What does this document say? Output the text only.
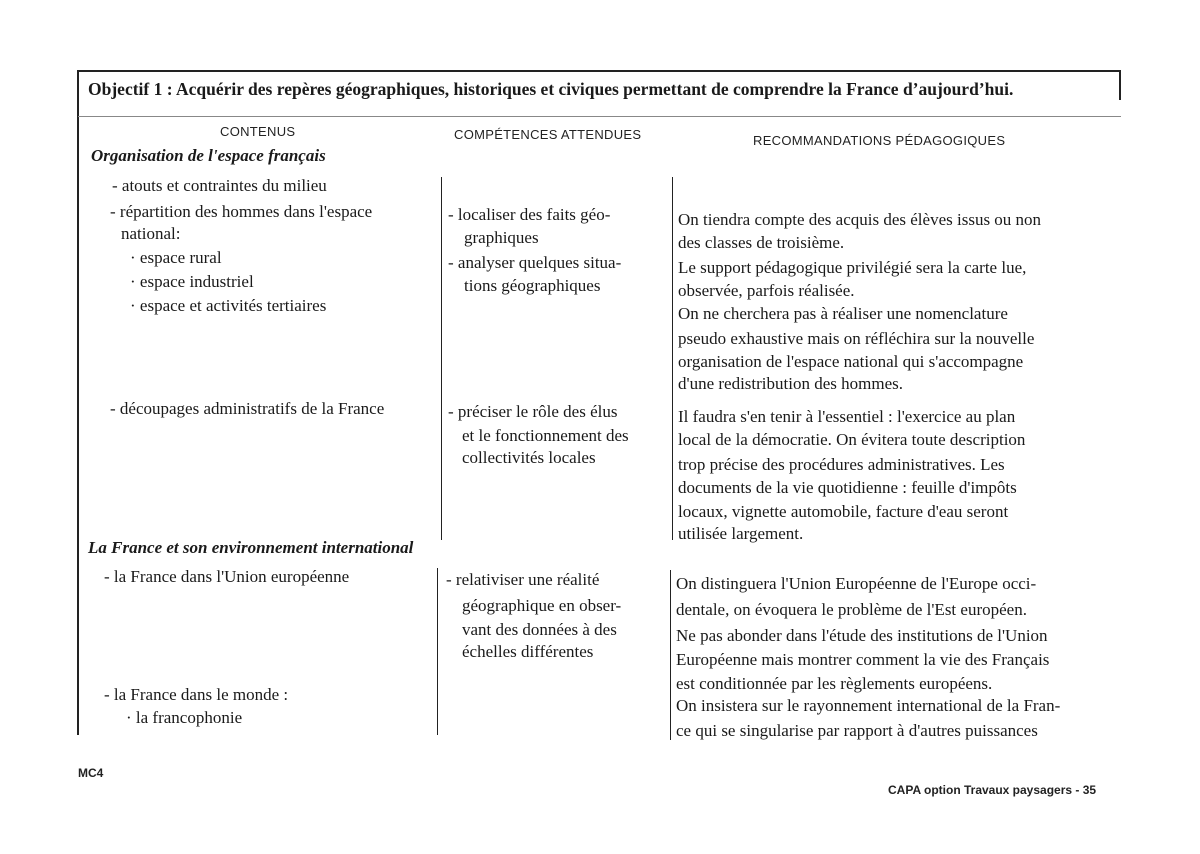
Objectif 1 : Acquérir des repères géographiques, historiques et civiques permettant de comprendre la France d’aujourd’hui.
CONTENUS	COMPÉTENCES ATTENDUES	RECOMMANDATIONS PÉDAGOGIQUES
Organisation de l'espace français
- atouts et contraintes du milieu
- répartition des hommes dans l'espace
national:
· espace rural
· espace industriel
· espace et activités tertiaires
- découpages administratifs de la France
- localiser des faits géo-
graphiques
- analyser quelques situa-
tions géographiques
- préciser le rôle des élus
et le fonctionnement des
collectivités locales
On tiendra compte des acquis des élèves issus ou non
des classes de troisième.
Le support pédagogique privilégié sera la carte lue,
observée, parfois réalisée.
On ne cherchera pas à réaliser une nomenclature
pseudo exhaustive mais on réfléchira sur la nouvelle
organisation de l'espace national qui s'accompagne
d'une redistribution des hommes.
Il faudra s'en tenir à l'essentiel : l'exercice au plan
local de la démocratie. On évitera toute description
trop précise des procédures administratives. Les
documents de la vie quotidienne : feuille d'impôts
locaux, vignette automobile, facture d'eau seront
utilisée largement.
La France et son environnement international
- la France dans l'Union européenne
- la France dans le monde :
· la francophonie
- relativiser une réalité
géographique en obser-
vant des données à des
échelles différentes
On distinguera l'Union Européenne de l'Europe occi-
dentale, on évoquera le problème de l'Est européen.
Ne pas abonder dans l'étude des institutions de l'Union
Européenne mais montrer comment la vie des Français
est conditionnée par les règlements européens.
On insistera sur le rayonnement international de la Fran-
ce qui se singularise par rapport à d'autres puissances
MC4
CAPA option Travaux paysagers - 35
